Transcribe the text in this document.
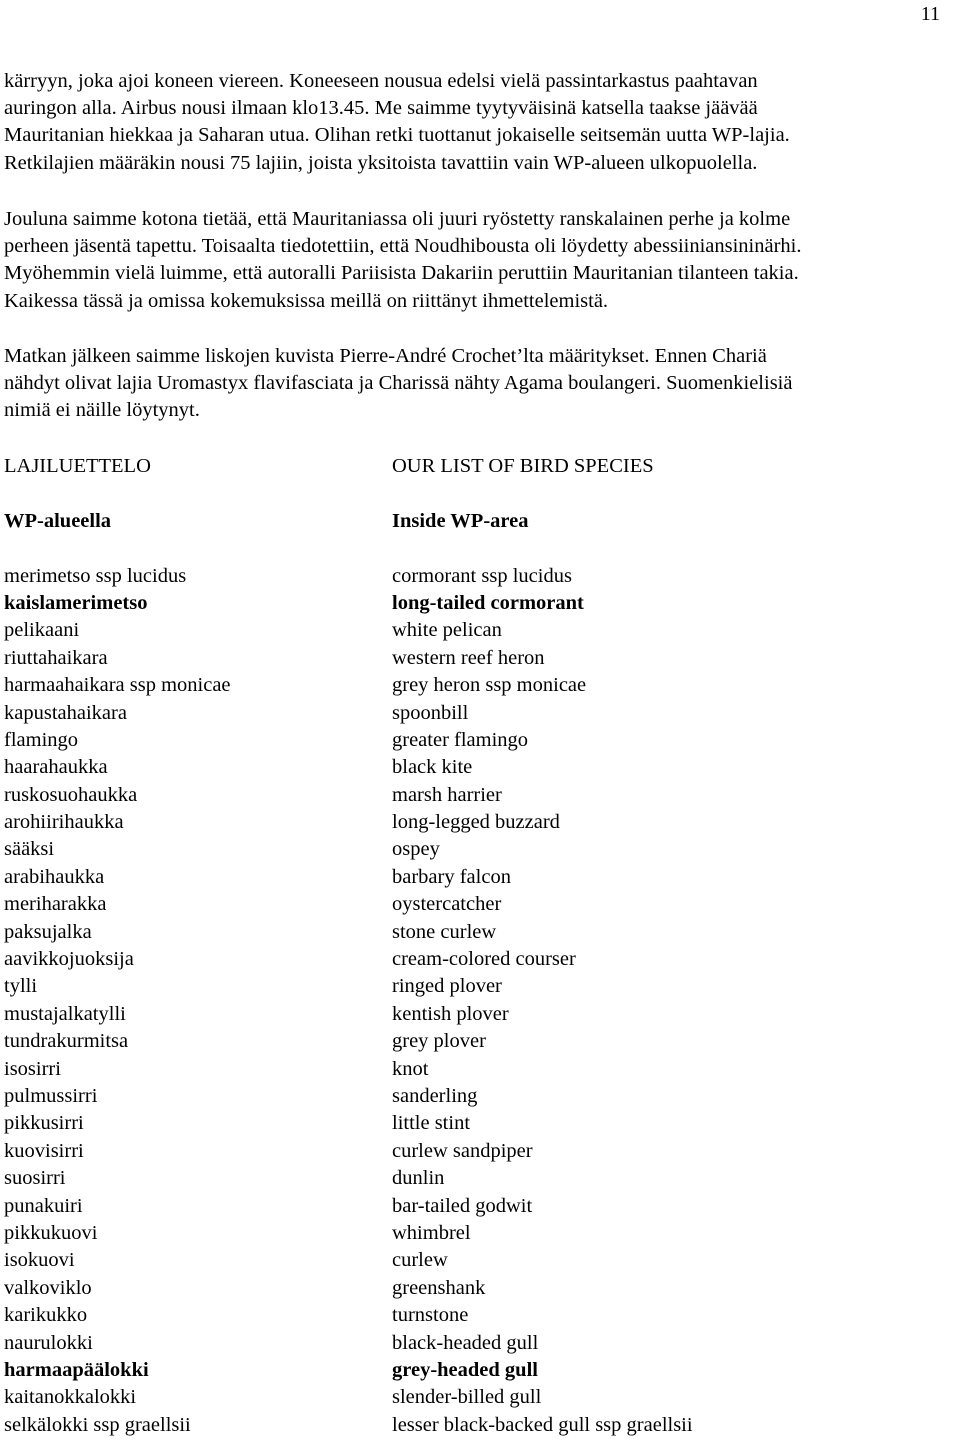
11

kärryyn, joka ajoi koneen viereen. Koneeseen nousua edelsi vielä passintarkastus paahtavan
auringon alla. Airbus nousi ilmaan klo13.45. Me saimme tyytyväisinä katsella taakse jäävää
Mauritanian hiekkaa ja Saharan utua. Olihan retki tuottanut jokaiselle seitsemän uutta WP-lajia.
Retkilajien määräkin nousi 75 lajiin, joista yksitoista tavattiin vain WP-alueen ulkopuolella.

Jouluna saimme kotona tietää, että Mauritaniassa oli juuri ryöstetty ranskalainen perhe ja kolme
perheen jäsentä tapettu. Toisaalta tiedotettiin, että Noudhibousta oli löydetty abessiiniansininärhi.
Myöhemmin vielä luimme, että autoralli Pariisista Dakariin peruttiin Mauritanian tilanteen takia.
Kaikessa tässä ja omissa kokemuksissa meillä on riittänyt ihmettelemistä.

Matkan jälkeen saimme liskojen kuvista Pierre-André Crochet’lta määritykset. Ennen Chariä
nähdyt olivat lajia Uromastyx flavifasciata ja Charissä nähty Agama boulangeri. Suomenkielisiä
nimiä ei näille löytynyt.

LAJILUETTELO
WP-alueella
merimetso ssp lucidus
kaislamerimetso
pelikaani
riuttahaikara
harmaahaikara ssp monicae
kapustahaikara
flamingo
haarahaukka
ruskosuohaukka
arohiirihaukka
sääksi
arabihaukka
meriharakka
paksujalka
aavikkojuoksija
tylli
mustajalkatylli
tundrakurmitsa
isosirri
pulmussirri
pikkusirri
kuovisirri
suosirri
punakuiri
pikkukuovi
isokuovi
valkoviklo
karikukko
naurulokki
harmaapäälokki
kaitanokkalokki
selkälokki ssp graellsii
OUR LIST OF BIRD SPECIES
Inside WP-area
cormorant ssp lucidus
long-tailed cormorant
white pelican
western reef heron
grey heron ssp monicae
spoonbill
greater flamingo
black kite
marsh harrier
long-legged buzzard
ospey
barbary falcon
oystercatcher
stone curlew
cream-colored courser
ringed plover
kentish plover
grey plover
knot
sanderling
little stint
curlew sandpiper
dunlin
bar-tailed godwit
whimbrel
curlew
greenshank
turnstone
black-headed gull
grey-headed gull
slender-billed gull
lesser black-backed gull ssp graellsii
